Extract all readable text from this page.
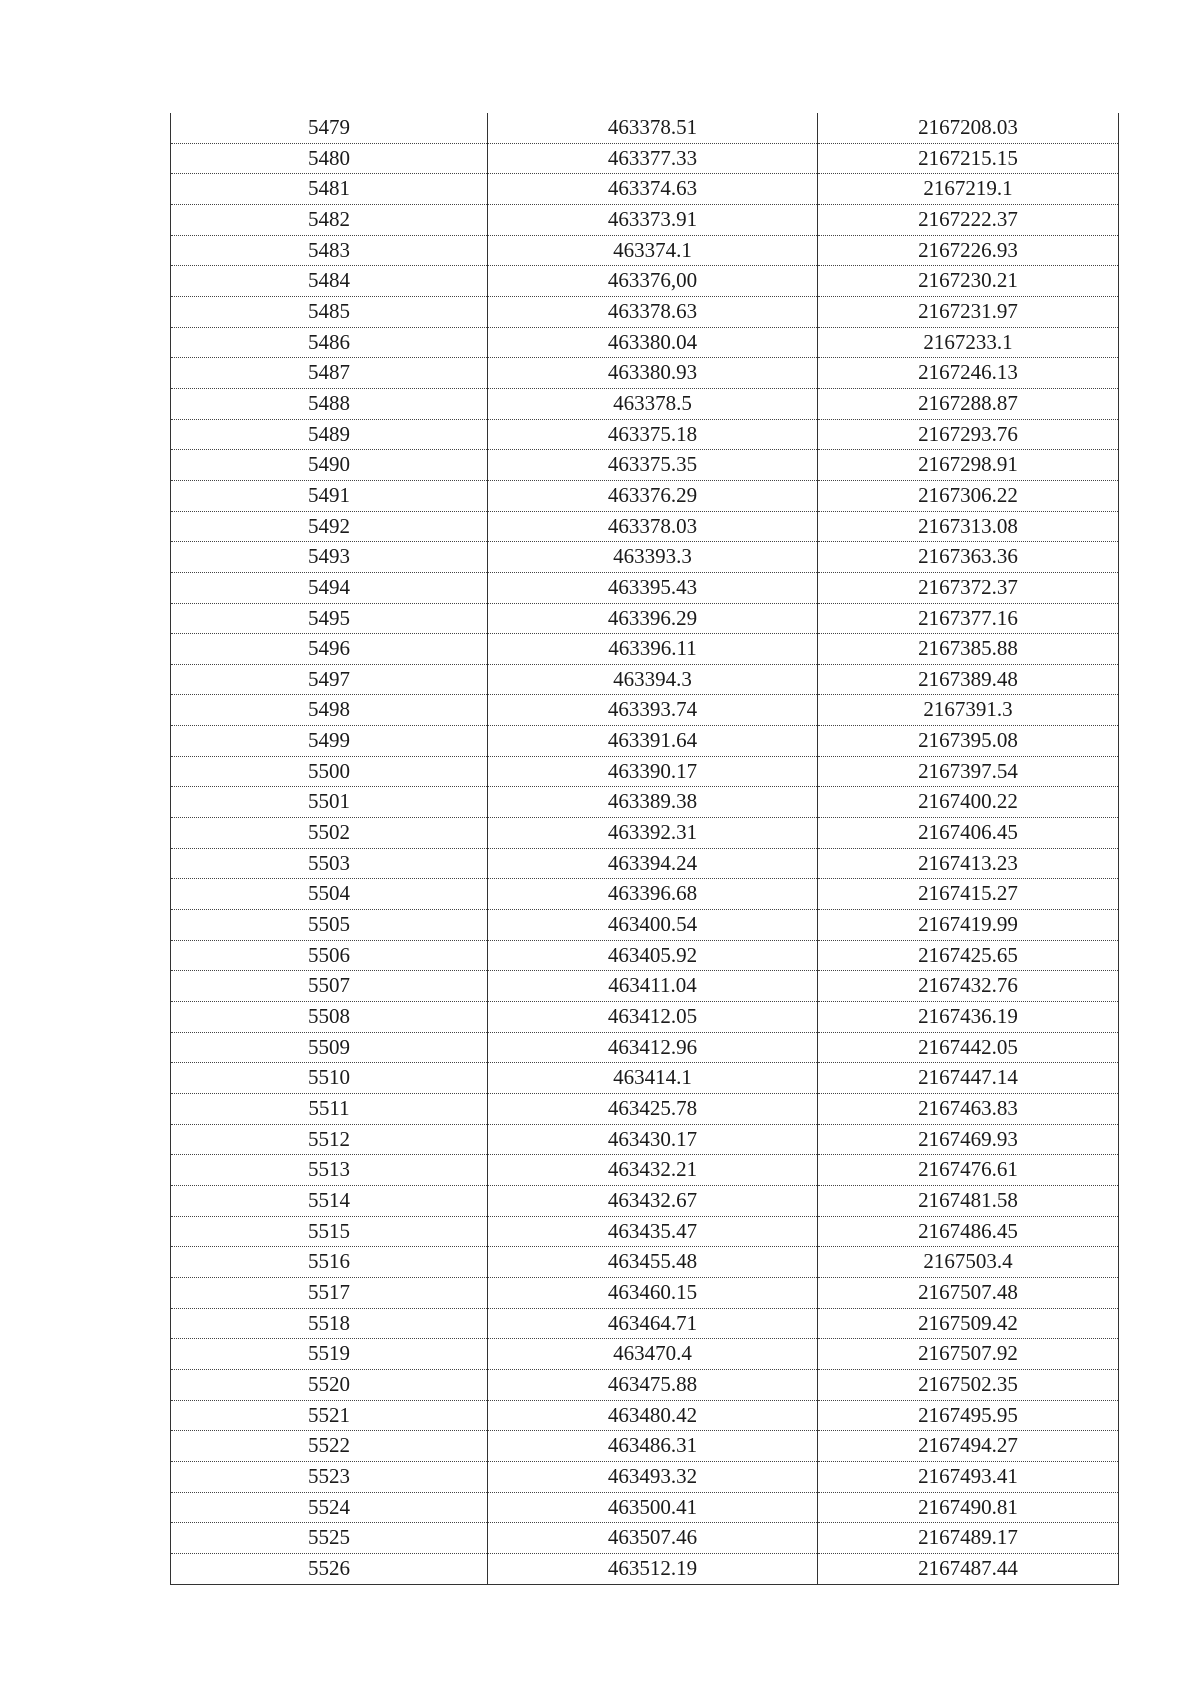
5479	463378.51	2167208.03
5480	463377.33	2167215.15
5481	463374.63	2167219.1
5482	463373.91	2167222.37
5483	463374.1	2167226.93
5484	463376,00	2167230.21
5485	463378.63	2167231.97
5486	463380.04	2167233.1
5487	463380.93	2167246.13
5488	463378.5	2167288.87
5489	463375.18	2167293.76
5490	463375.35	2167298.91
5491	463376.29	2167306.22
5492	463378.03	2167313.08
5493	463393.3	2167363.36
5494	463395.43	2167372.37
5495	463396.29	2167377.16
5496	463396.11	2167385.88
5497	463394.3	2167389.48
5498	463393.74	2167391.3
5499	463391.64	2167395.08
5500	463390.17	2167397.54
5501	463389.38	2167400.22
5502	463392.31	2167406.45
5503	463394.24	2167413.23
5504	463396.68	2167415.27
5505	463400.54	2167419.99
5506	463405.92	2167425.65
5507	463411.04	2167432.76
5508	463412.05	2167436.19
5509	463412.96	2167442.05
5510	463414.1	2167447.14
5511	463425.78	2167463.83
5512	463430.17	2167469.93
5513	463432.21	2167476.61
5514	463432.67	2167481.58
5515	463435.47	2167486.45
5516	463455.48	2167503.4
5517	463460.15	2167507.48
5518	463464.71	2167509.42
5519	463470.4	2167507.92
5520	463475.88	2167502.35
5521	463480.42	2167495.95
5522	463486.31	2167494.27
5523	463493.32	2167493.41
5524	463500.41	2167490.81
5525	463507.46	2167489.17
5526	463512.19	2167487.44
